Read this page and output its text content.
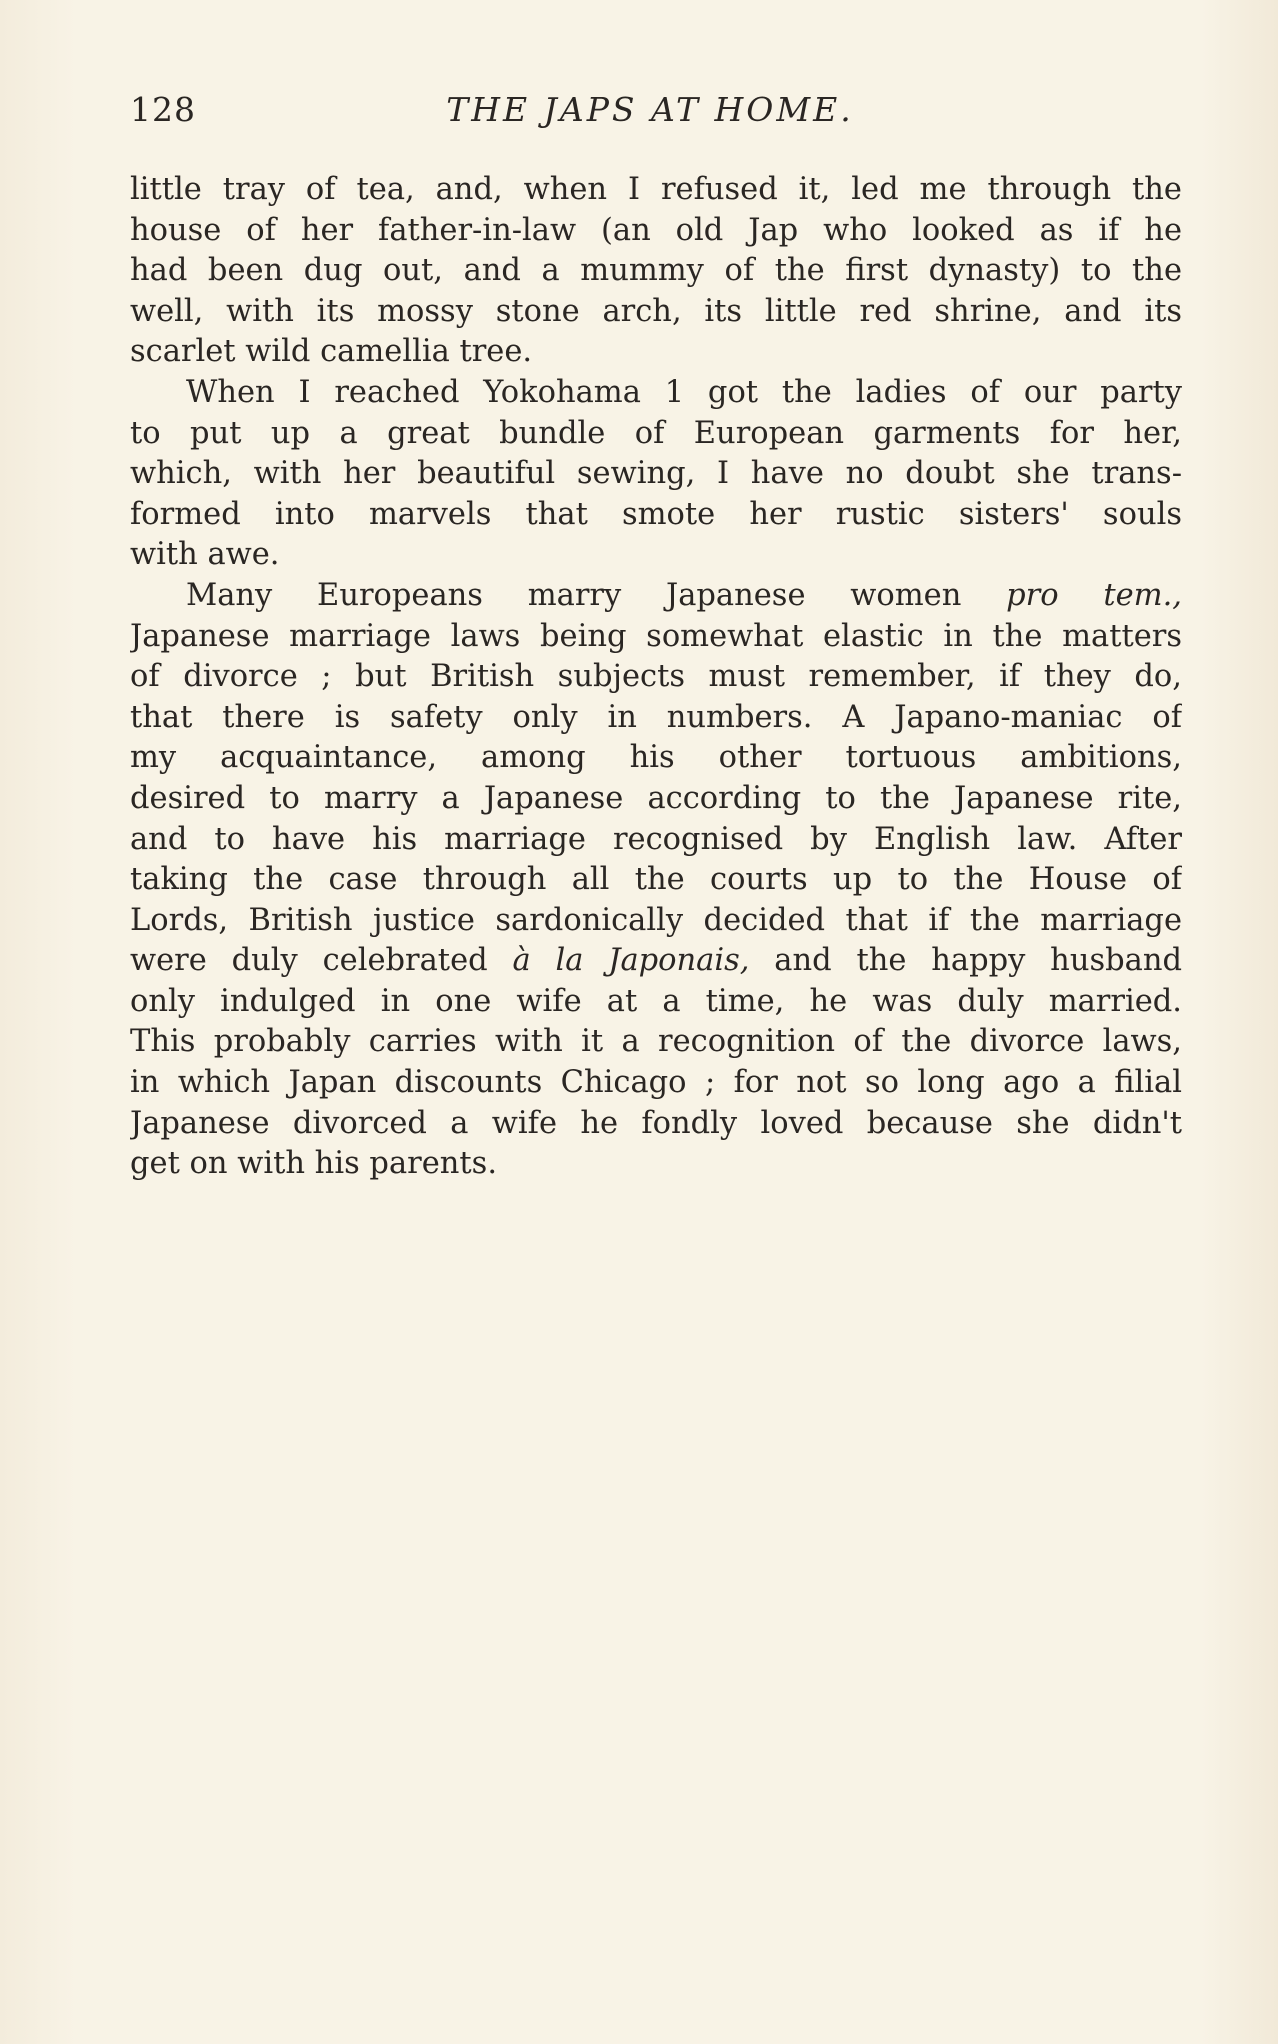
128	THE JAPS AT HOME.
little tray of tea, and, when I refused it, led me through the
house of her father-in-law (an old Jap who looked as if he
had been dug out, and a mummy of the first dynasty) to the
well, with its mossy stone arch, its little red shrine, and its
scarlet wild camellia tree.
When I reached Yokohama 1 got the ladies of our party
to put up a great bundle of European garments for her,
which, with her beautiful sewing, I have no doubt she trans-
formed into marvels that smote her rustic sisters' souls
with awe.
Many Europeans marry Japanese women pro tem.,
Japanese marriage laws being somewhat elastic in the matters
of divorce ; but British subjects must remember, if they do,
that there is safety only in numbers. A Japano-maniac of
my acquaintance, among his other tortuous ambitions,
desired to marry a Japanese according to the Japanese rite,
and to have his marriage recognised by English law. After
taking the case through all the courts up to the House of
Lords, British justice sardonically decided that if the marriage
were duly celebrated à la Japonais, and the happy husband
only indulged in one wife at a time, he was duly married.
This probably carries with it a recognition of the divorce laws,
in which Japan discounts Chicago ; for not so long ago a filial
Japanese divorced a wife he fondly loved because she didn't
get on with his parents.
